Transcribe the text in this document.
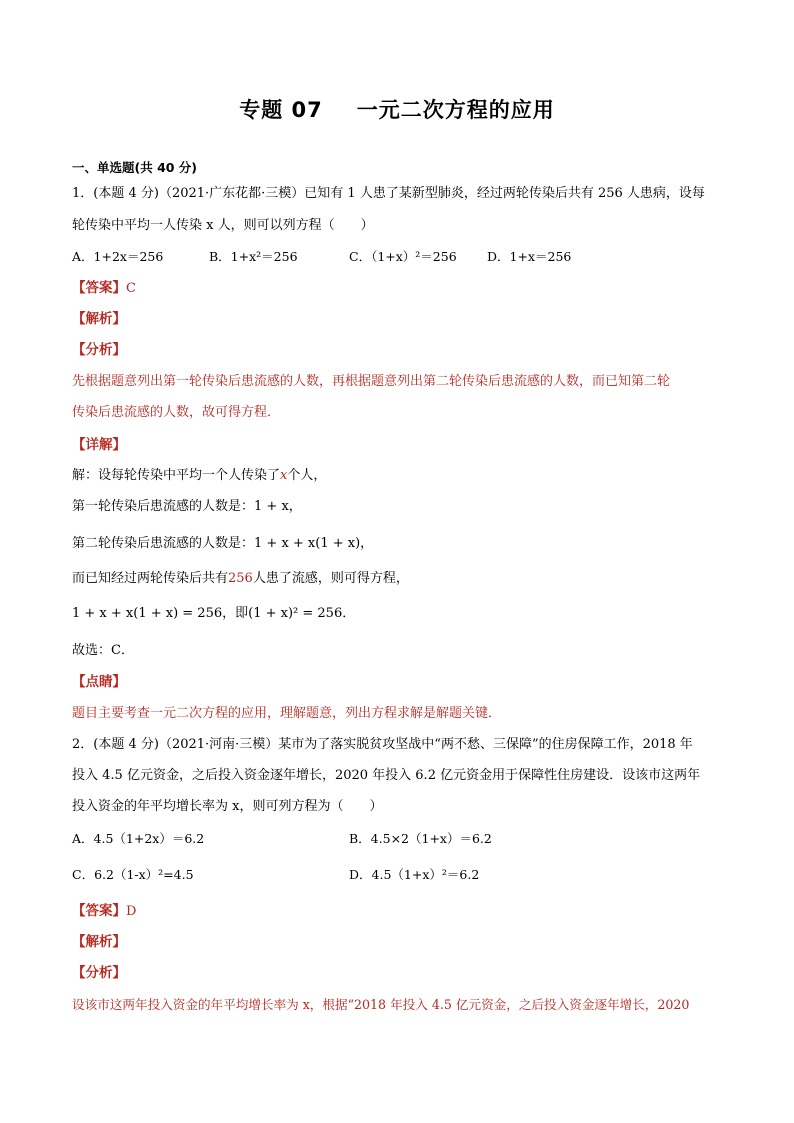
专题 07 一元二次方程的应用
一、单选题(共 40 分)
1．(本题 4 分)（2021·广东花都·三模）已知有 1 人患了某新型肺炎，经过两轮传染后共有 256 人患病，设每
轮传染中平均一人传染 x 人，则可以列方程（　　）
A．1+2x＝256	B．1+x²＝256	C．（1+x）²＝256 D．1+x＝256
【答案】C
【解析】
【分析】
先根据题意列出第一轮传染后患流感的人数，再根据题意列出第二轮传染后患流感的人数，而已知第二轮
传染后患流感的人数，故可得方程．
【详解】
解：设每轮传染中平均一个人传染了x个人，
第一轮传染后患流感的人数是：1 + x，
第二轮传染后患流感的人数是：1 + x + x(1 + x)，
而已知经过两轮传染后共有256人患了流感，则可得方程，
1 + x + x(1 + x) = 256，即(1 + x)² = 256．
故选：C．
【点睛】
题目主要考查一元二次方程的应用，理解题意，列出方程求解是解题关键．
2．(本题 4 分)（2021·河南·三模）某市为了落实脱贫攻坚战中“两不愁、三保障”的住房保障工作，2018 年
投入 4.5 亿元资金，之后投入资金逐年增长，2020 年投入 6.2 亿元资金用于保障性住房建设．设该市这两年
投入资金的年平均增长率为 x，则可列方程为（　　）
A．4.5（1+2x）＝6.2	B．4.5×2（1+x）＝6.2
C．6.2（1-x）²=4.5	D．4.5（1+x）²＝6.2
【答案】D
【解析】
【分析】
设该市这两年投入资金的年平均增长率为 x，根据“2018 年投入 4.5 亿元资金，之后投入资金逐年增长，2020
